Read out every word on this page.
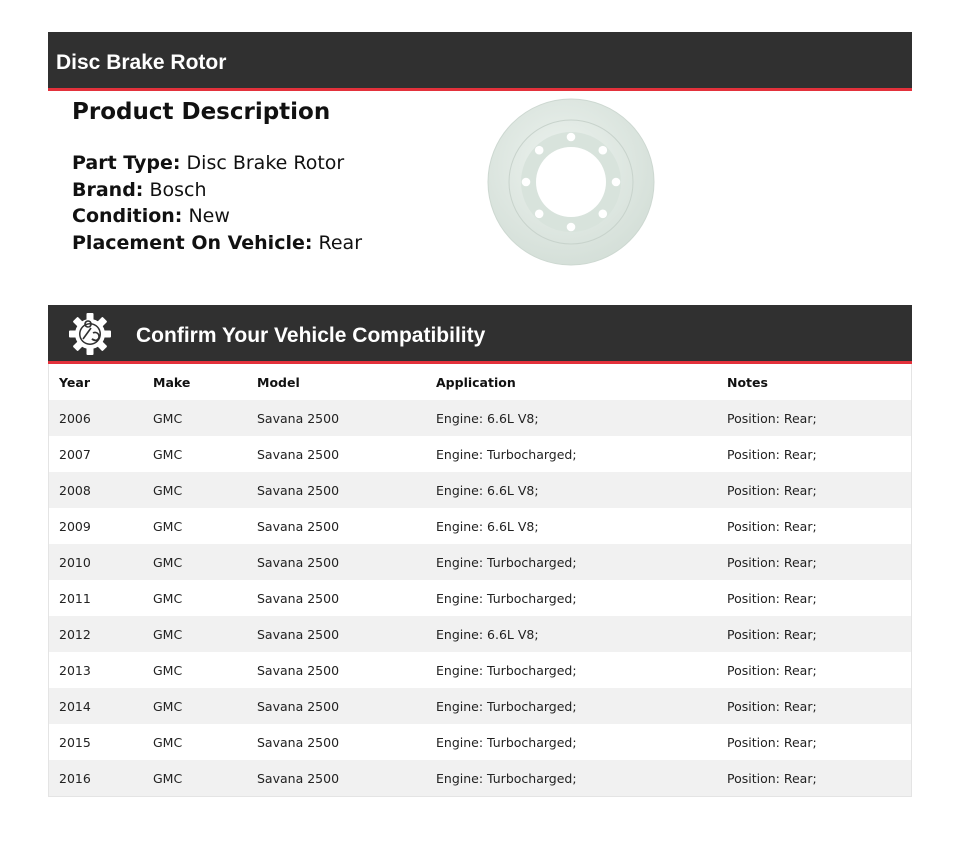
Disc Brake Rotor
Product Description
Part Type: Disc Brake Rotor
Brand: Bosch
Condition: New
Placement On Vehicle: Rear
Confirm Your Vehicle Compatibility
Year	Make	Model	Application	Notes
2006	GMC	Savana 2500	Engine: 6.6L V8;	Position: Rear;
2007	GMC	Savana 2500	Engine: Turbocharged;	Position: Rear;
2008	GMC	Savana 2500	Engine: 6.6L V8;	Position: Rear;
2009	GMC	Savana 2500	Engine: 6.6L V8;	Position: Rear;
2010	GMC	Savana 2500	Engine: Turbocharged;	Position: Rear;
2011	GMC	Savana 2500	Engine: Turbocharged;	Position: Rear;
2012	GMC	Savana 2500	Engine: 6.6L V8;	Position: Rear;
2013	GMC	Savana 2500	Engine: Turbocharged;	Position: Rear;
2014	GMC	Savana 2500	Engine: Turbocharged;	Position: Rear;
2015	GMC	Savana 2500	Engine: Turbocharged;	Position: Rear;
2016	GMC	Savana 2500	Engine: Turbocharged;	Position: Rear;
